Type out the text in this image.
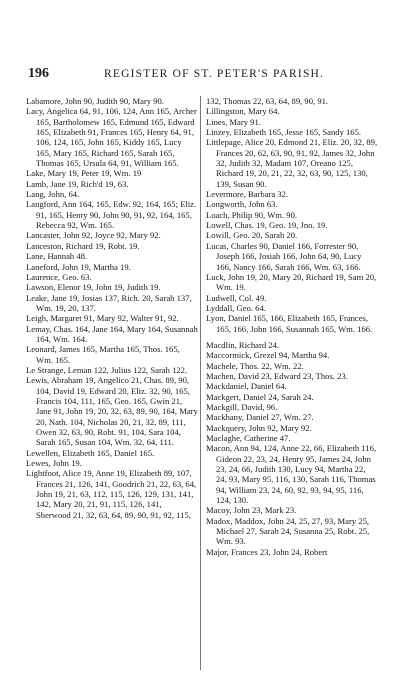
196	REGISTER OF ST. PETER'S PARISH.
Labamore, John 90, Judith 90, Mary 90.
Lacy, Angelica 64, 91, 106, 124, Ann 165, Archer 165, Bartholomew 165, Edmund 165, Edward 165, Elizabeth 91, Frances 165, Henry 64, 91, 106, 124, 165, John 165, Kiddy 165, Lucy 165, Mary 165, Richard 165, Sarah 165, Thomas 165, Ursula 64, 91, William 165.
Lake, Mary 19, Peter 19, Wm. 19
Lamb, Jane 19, Rich'd 19, 63.
Lang, John, 64.
Langford, Ann 164, 165, Edw. 92, 164, 165; Eliz. 91, 165, Henry 90, John 90, 91, 92, 164, 165, Rebecca 92, Wm. 165.
Lancaster, John 92, Joyce 92, Mary 92.
Lanceston, Richard 19, Robt. 19.
Lane, Hannah 48.
Laneford, John 19, Martha 19.
Laurence, Geo. 63.
Lawson, Elenor 19, John 19, Judith 19.
Leake, Jane 19, Josias 137, Rich. 20, Sarah 137, Wm. 19, 20, 137.
Leigh, Margaret 91, Mary 92, Walter 91, 92.
Lemay, Chas. 164, Jane 164, Mary 164, Susannah 164, Wm. 164.
Leonard, James 165, Martha 165, Thos. 165, Wm. 165.
Le Strange, Leman 122, Julius 122, Sarah 122.
Lewis, Abraham 19, Angelico 21, Chas. 89, 90, 104, David 19, Edward 20, Eliz. 32, 90, 165, Francis 104, 111, 165, Geo. 165, Gwin 21, Jane 91, John 19, 20, 32, 63, 89, 90, 164, Mary 20, Nath. 104, Nicholas 20, 21, 32, 89, 111, Owen 32, 63, 90, Robt. 91, 104, Sara 104, Sarah 165, Susan 104, Wm. 32, 64, 111.
Lewellen, Elizabeth 165, Daniel 165.
Lewes, John 19.
Lightfoot, Alice 19, Anne 19, Elizabeth 89, 107, Frances 21, 126, 141, Goodrich 21, 22, 63, 64, John 19, 21, 63, 112, 115, 126, 129, 131, 141, 142, Mary 20, 21, 91, 115, 126, 141, Sherwood 21, 32, 63, 64, 89, 90, 91, 92, 115,
132, Thomas 22, 63, 64, 89, 90, 91.
Lillingston, Mary 64.
Lines, Mary 91.
Linzey, Elizabeth 165, Jesse 165, Sandy 165.
Littlepage, Alice 20, Edmond 21, Eliz. 20, 32, 89, Frances 20, 62, 63, 90, 91, 92, James 32, John 32, Judith 32, Madam 107, Oreano 125, Richard 19, 20, 21, 22, 32, 63, 90, 125, 130, 139, Susan 90.
Levermore, Barbara 32.
Longworth, John 63.
Loach, Philip 90, Wm. 90.
Lowell, Chas. 19, Geo. 19, Jno. 19.
Lowill, Geo. 20, Sarah 20.
Lucas, Charles 90, Daniel 166, Forrester 90, Joseph 166, Josiah 166, John 64, 90, Lucy 166, Nancy 166, Sarah 166, Wm. 63, 166.
Luck, John 19, 20, Mary 20, Richard 19, Sam 20, Wm. 19.
Ludwell, Col. 49.
Lyddall, Geo. 64.
Lyon, Daniel 165, 166, Elizabeth 165, Frances, 165, 166, John 166, Susannah 165, Wm. 166.
Macdlin, Richard 24.
Maccormick, Grezel 94, Martha 94.
Machele, Thos. 22, Wm. 22.
Machen, David 23, Edward 23, Thos. 23.
Mackdaniel, Daniel 64.
Mackgert, Daniel 24, Sarah 24.
Mackgill, David, 96.
Mackhany, Daniel 27, Wm. 27.
Mackquery, John 92, Mary 92.
Maclaghe, Catherine 47.
Macon, Ann 94, 124, Anne 22, 66, Elizabeth 116, Gideon 22, 23, 24, Henry 95, James 24, John 23, 24, 66, Judith 130, Lucy 94, Martha 22, 24, 93, Mary 95, 116, 130, Sarah 116, Thomas 94, William 23, 24, 60, 92, 93, 94, 95, 116, 124, 130.
Macoy, John 23, Mark 23.
Madox, Maddox, John 24, 25, 27, 93, Mary 25, Michael 27, Sarah 24, Susanna 25, Robt. 25, Wm. 93.
Major, Frances 23, John 24, Robert
